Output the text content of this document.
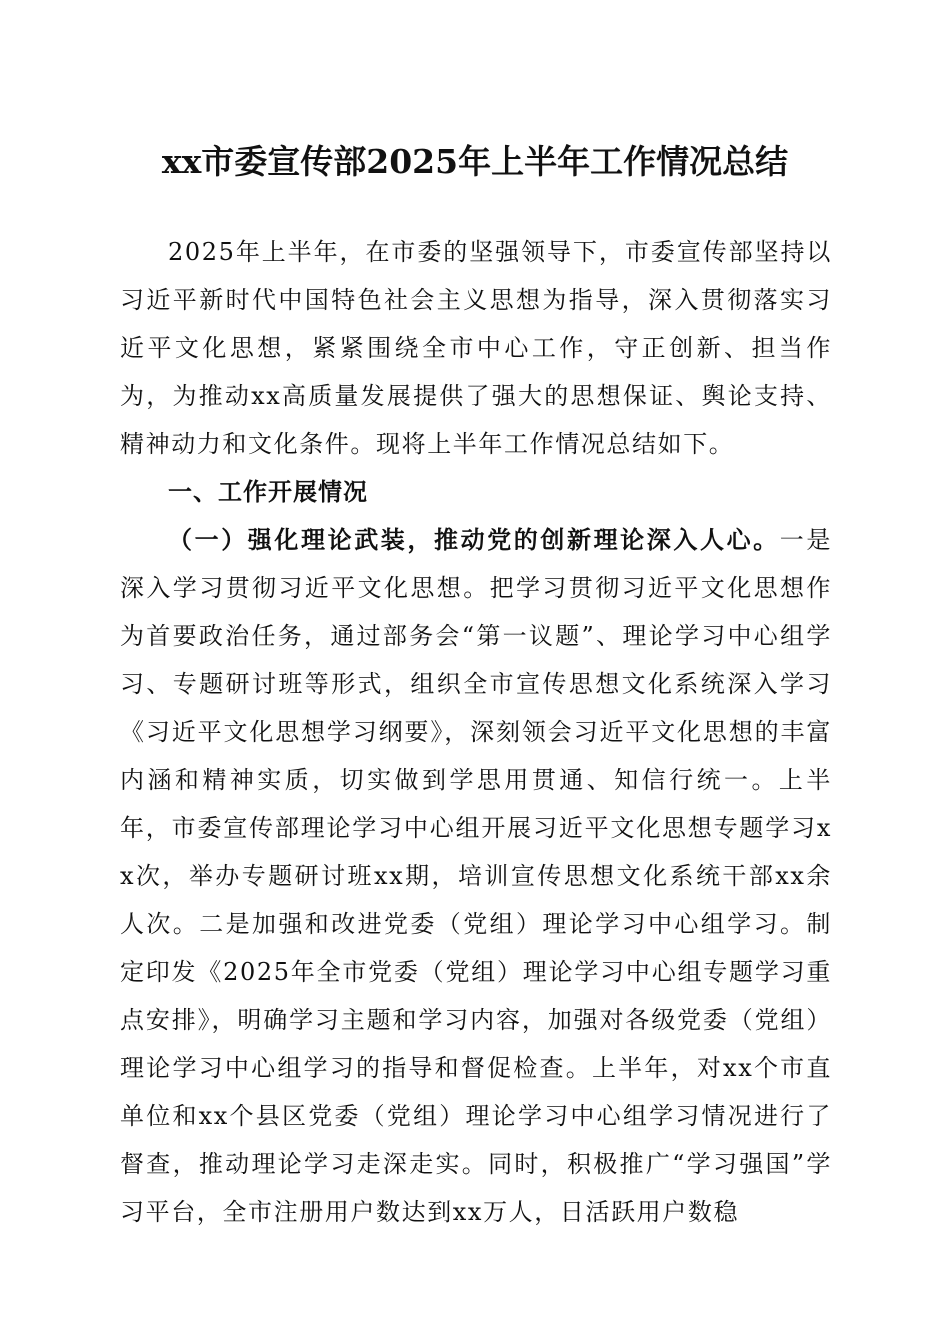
xx市委宣传部2025年上半年工作情况总结

2025年上半年，在市委的坚强领导下，市委宣传部坚持以习近平新时代中国特色社会主义思想为指导，深入贯彻落实习近平文化思想，紧紧围绕全市中心工作，守正创新、担当作为，为推动xx高质量发展提供了强大的思想保证、舆论支持、精神动力和文化条件。现将上半年工作情况总结如下。

一、工作开展情况

（一）强化理论武装，推动党的创新理论深入人心。一是深入学习贯彻习近平文化思想。把学习贯彻习近平文化思想作为首要政治任务，通过部务会“第一议题”、理论学习中心组学习、专题研讨班等形式，组织全市宣传思想文化系统深入学习《习近平文化思想学习纲要》，深刻领会习近平文化思想的丰富内涵和精神实质，切实做到学思用贯通、知信行统一。上半年，市委宣传部理论学习中心组开展习近平文化思想专题学习xx次，举办专题研讨班xx期，培训宣传思想文化系统干部xx余人次。二是加强和改进党委（党组）理论学习中心组学习。制定印发《2025年全市党委（党组）理论学习中心组专题学习重点安排》，明确学习主题和学习内容，加强对各级党委（党组）理论学习中心组学习的指导和督促检查。上半年，对xx个市直单位和xx个县区党委（党组）理论学习中心组学习情况进行了督查，推动理论学习走深走实。同时，积极推广“学习强国”学习平台，全市注册用户数达到xx万人，日活跃用户数稳
